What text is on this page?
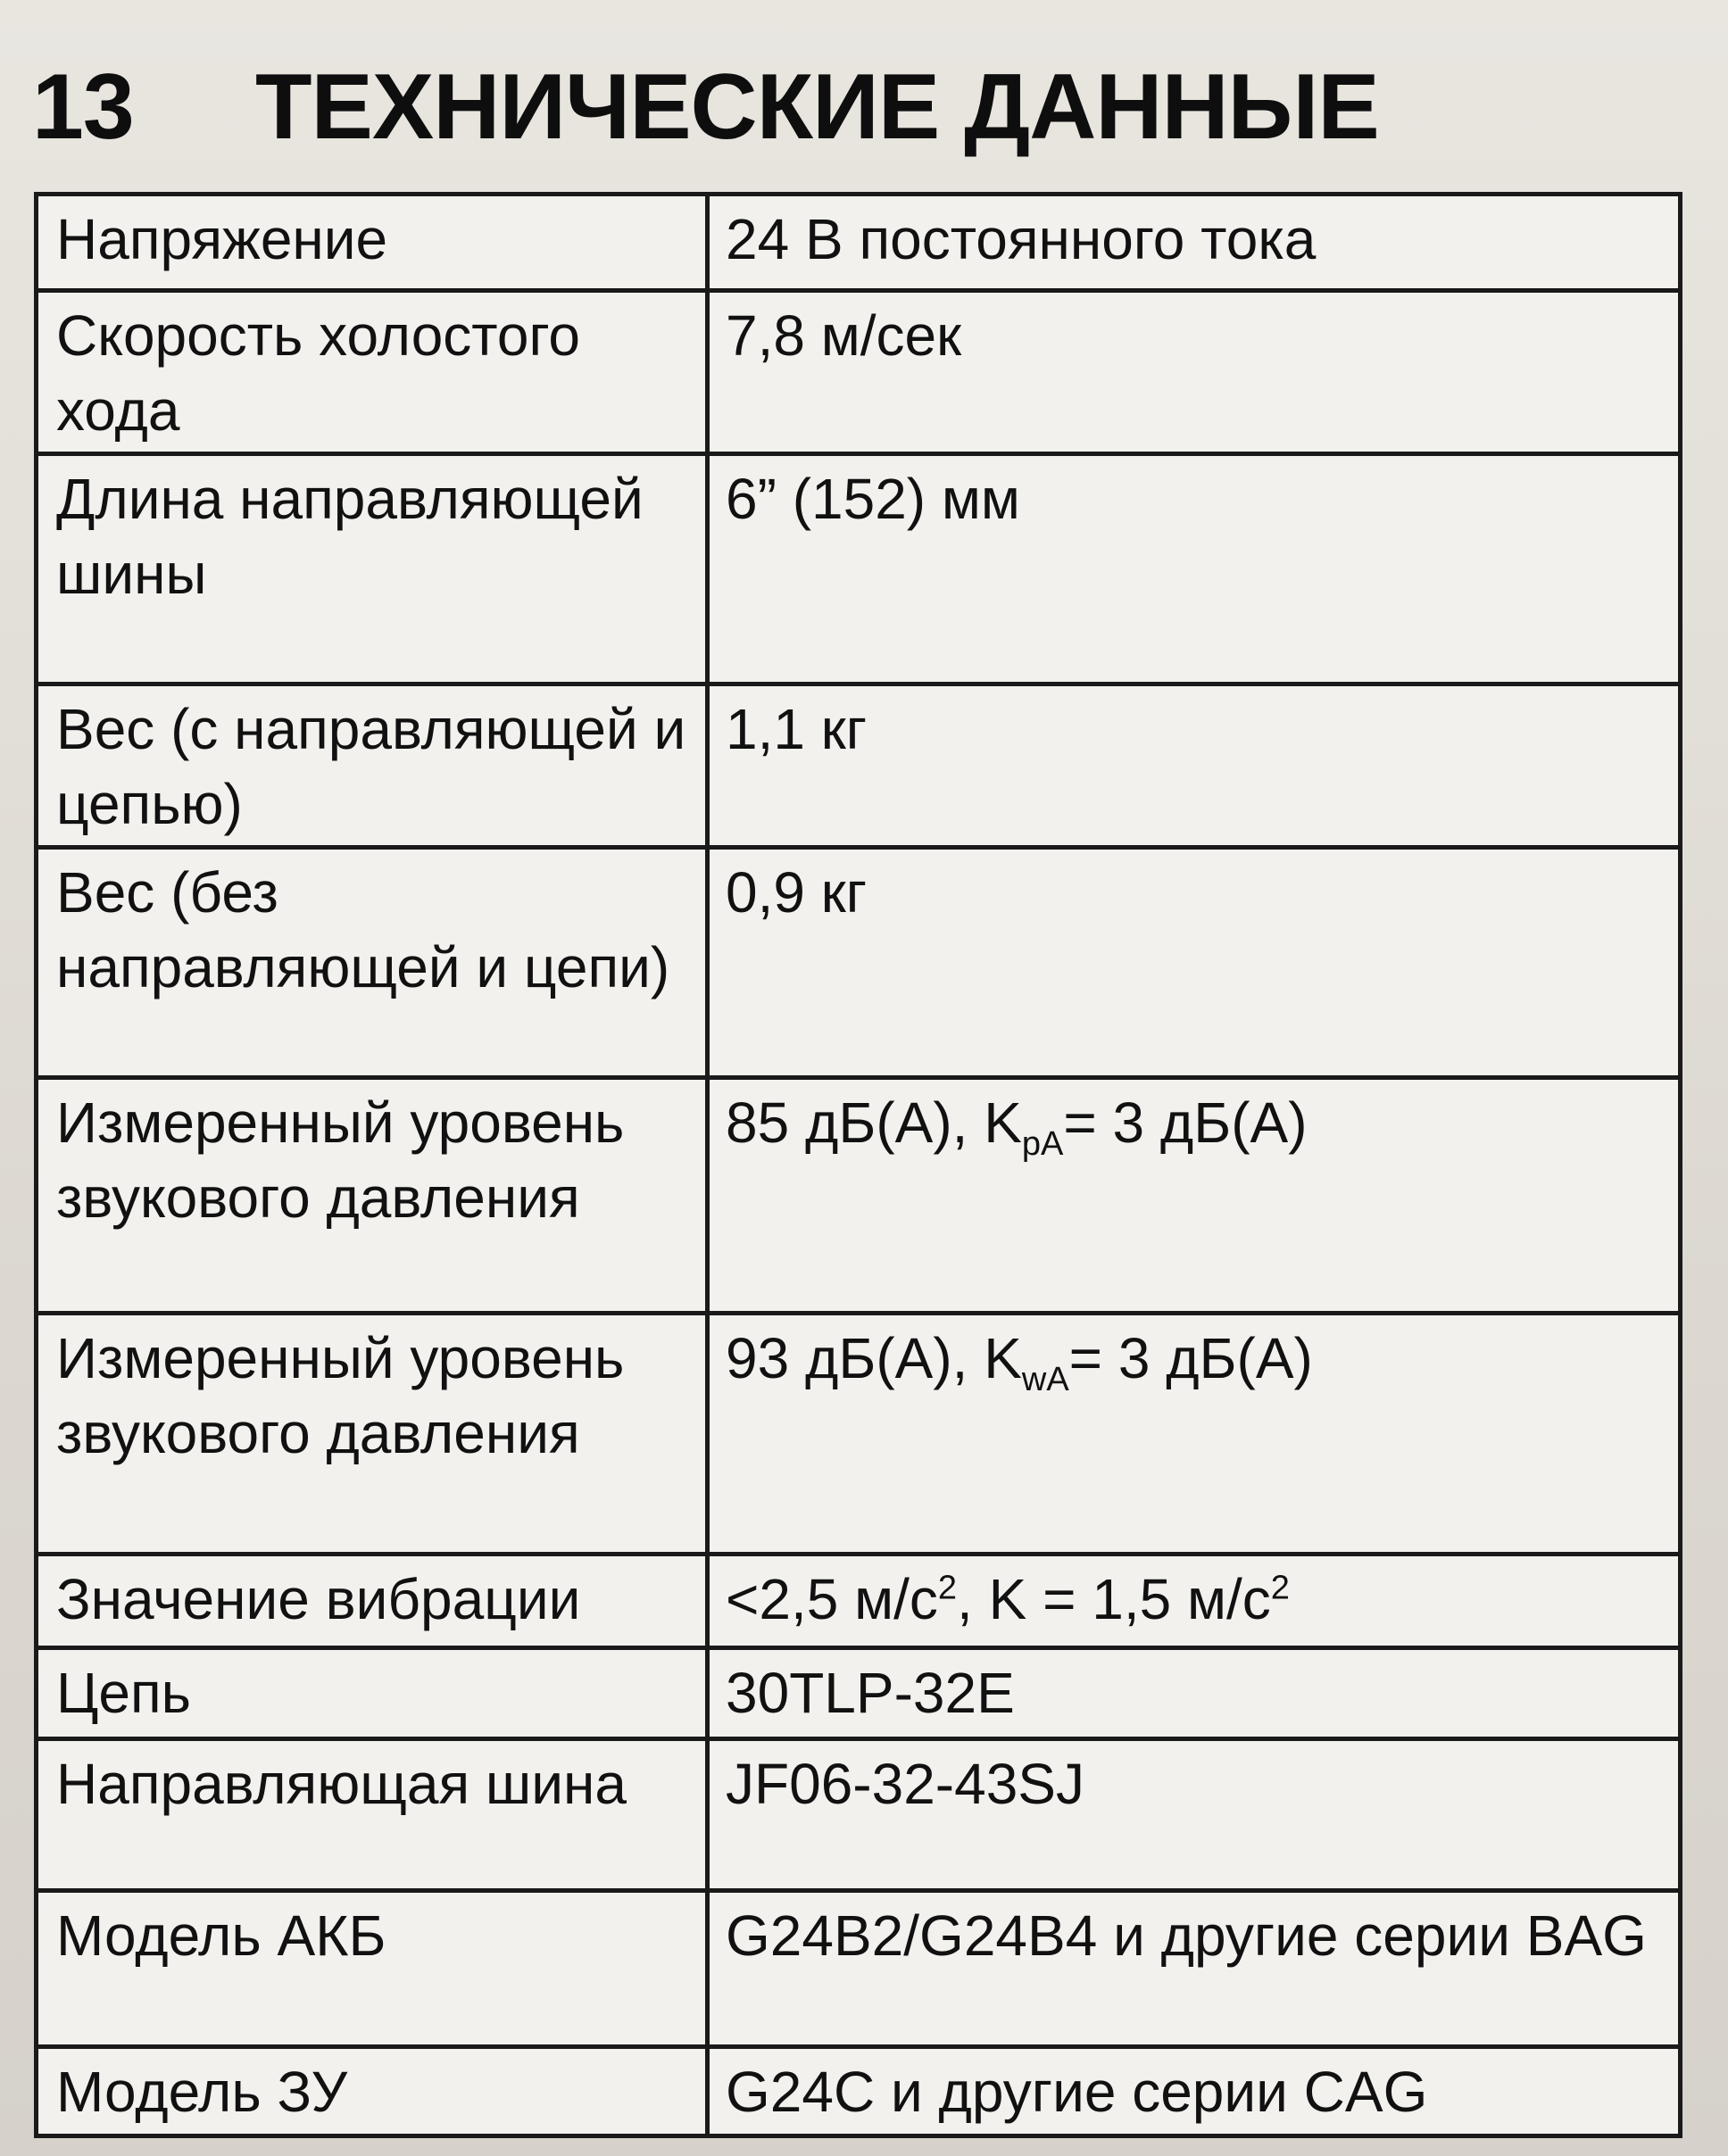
13	ТЕХНИЧЕСКИЕ ДАННЫЕ
Напряжение	24 В постоянного тока
Скорость холостого хода	7,8 м/сек
Длина направляющей шины	6” (152) мм
Вес (с направляющей и цепью)	1,1 кг
Вес (без направляющей и цепи)	0,9 кг
Измеренный уровень звукового давления	85 дБ(А), $K_{pA}= 3$ дБ(А)
Измеренный уровень звукового давления	93 дБ(А), $K_{wA}= 3$ дБ(А)
Значение вибрации	<2,5 $м/с^2$, K = 1,5 $м/с^2$
Цепь	30TLP-32E
Направляющая шина	JF06-32-43SJ
Модель АКБ	G24B2/G24B4 и другие серии BAG
Модель ЗУ	G24C и другие серии CAG
